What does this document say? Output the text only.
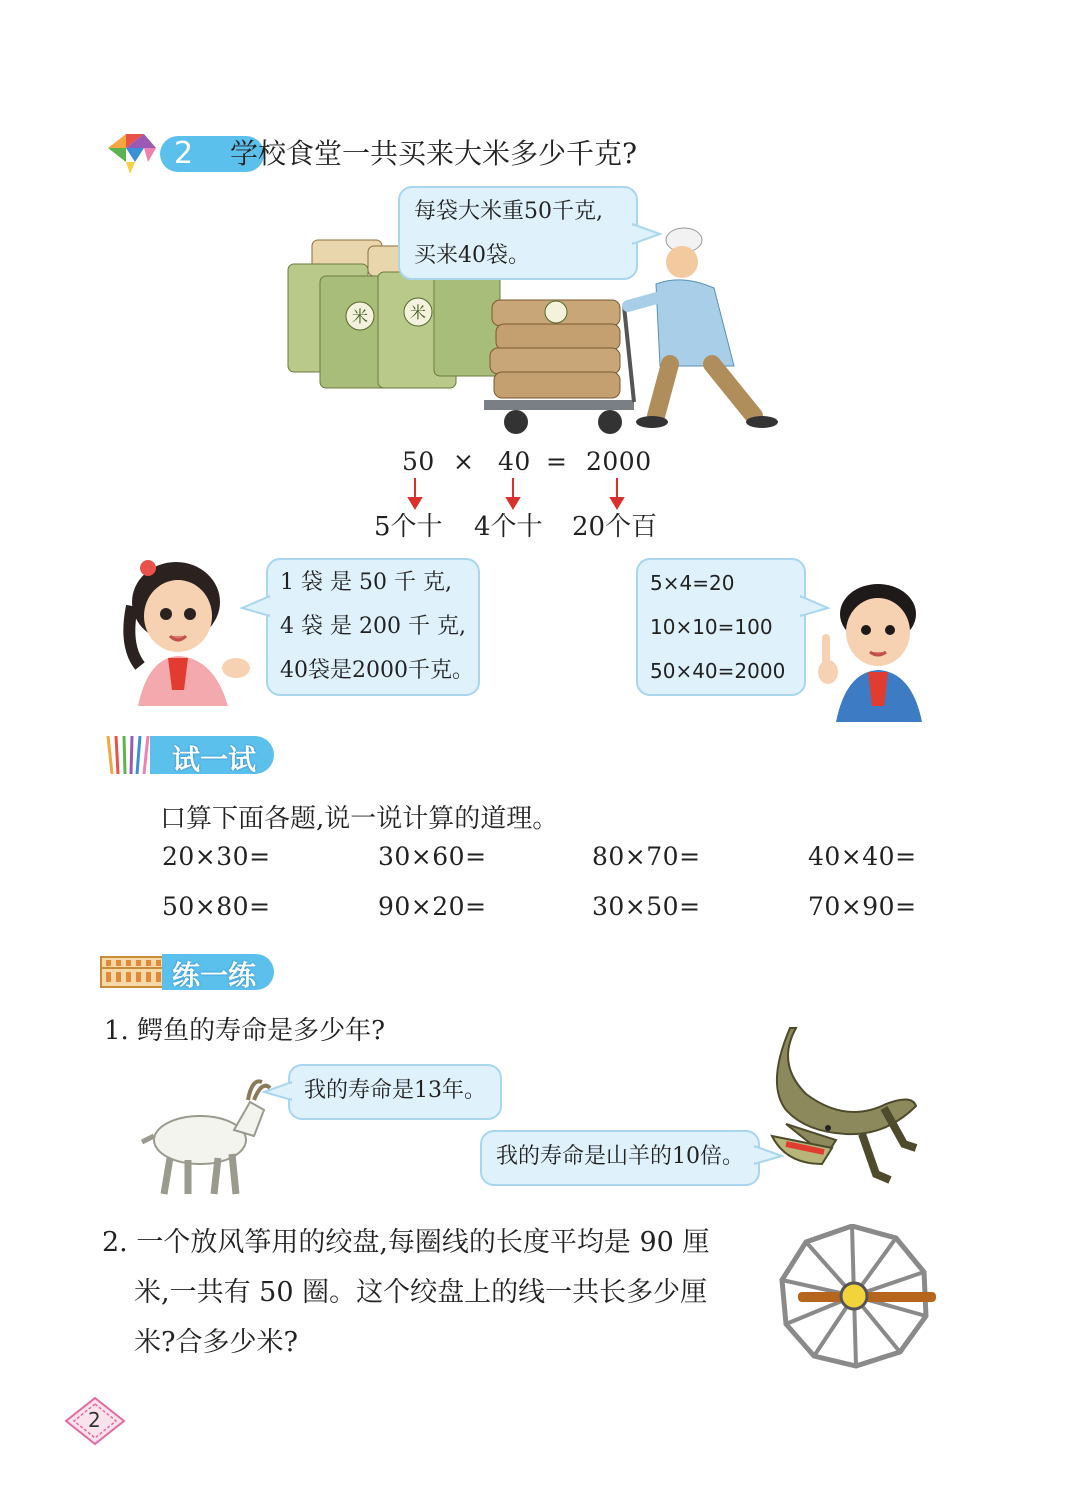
2 学校食堂一共买来大米多少千克?
米	米
每袋大米重50千克,
买来40袋。
50 × 40 = 2000
5个十 4个十 20个百
1 袋 是 50 千 克,
4 袋 是 200 千 克,
40袋是2000千克。
5×4=20
10×10=100
50×40=2000
试一试
口算下面各题,说一说计算的道理。
20×30=	30×60=	80×70=	40×40=
50×80=	90×20=	30×50=	70×90=
练一练
1. 鳄鱼的寿命是多少年?
我的寿命是13年。
我的寿命是山羊的10倍。
2. 一个放风筝用的绞盘,每圈线的长度平均是 90 厘
米,一共有 50 圈。这个绞盘上的线一共长多少厘
米?合多少米?
2
